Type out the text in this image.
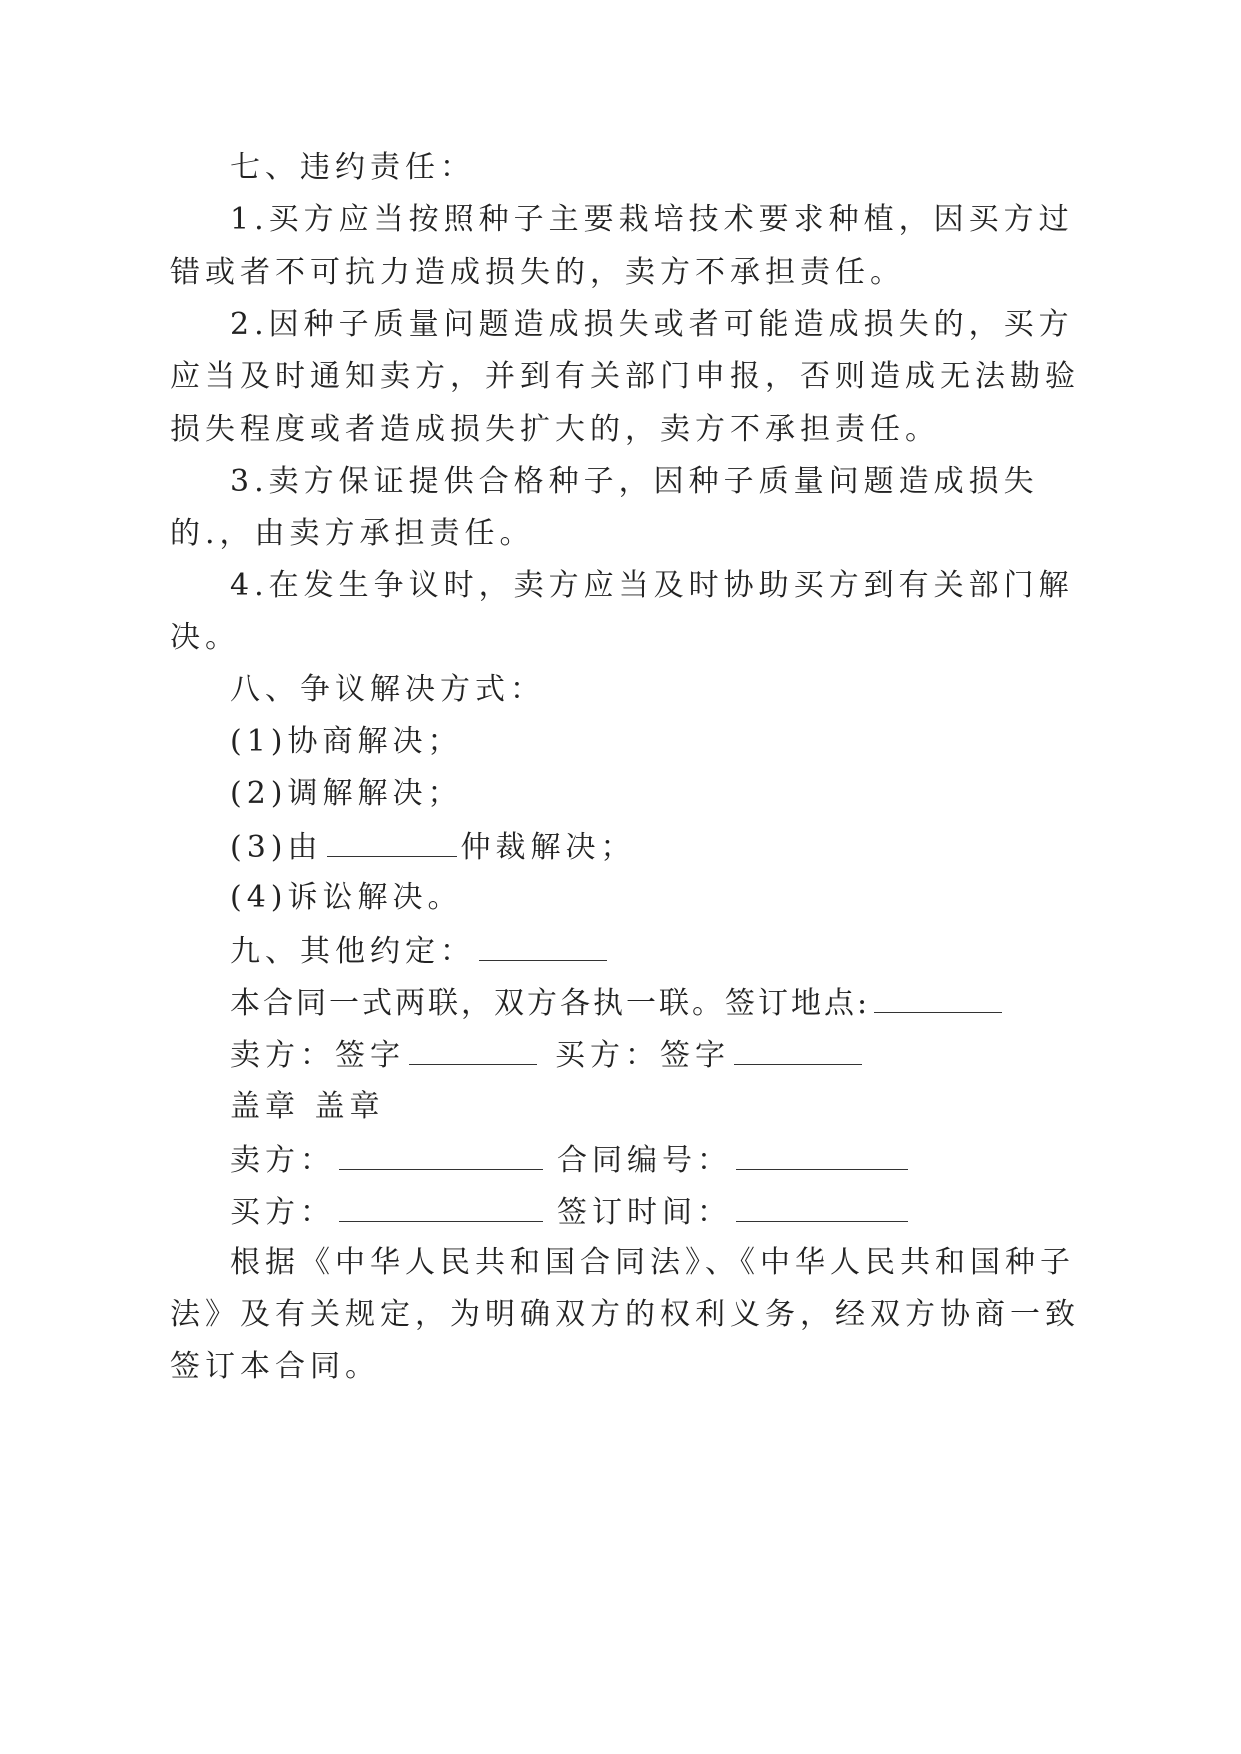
七、违约责任：
1.买方应当按照种子主要栽培技术要求种植，因买方过
错或者不可抗力造成损失的，卖方不承担责任。
2.因种子质量问题造成损失或者可能造成损失的，买方
应当及时通知卖方，并到有关部门申报，否则造成无法勘验
损失程度或者造成损失扩大的，卖方不承担责任。
3.卖方保证提供合格种子，因种子质量问题造成损失
的.，由卖方承担责任。
4.在发生争议时，卖方应当及时协助买方到有关部门解
决。
八、争议解决方式：
(1)协商解决；
(2)调解解决；
(3)由	仲裁解决；
(4)诉讼解决。
九、其他约定：
本合同一式两联，双方各执一联。签订地点:
卖方：签字	买方：签字
盖章 盖章
卖方：	合同编号：
买方：	签订时间：
根据《中华人民共和国合同法》、《中华人民共和国种子
法》及有关规定，为明确双方的权利义务，经双方协商一致
签订本合同。
